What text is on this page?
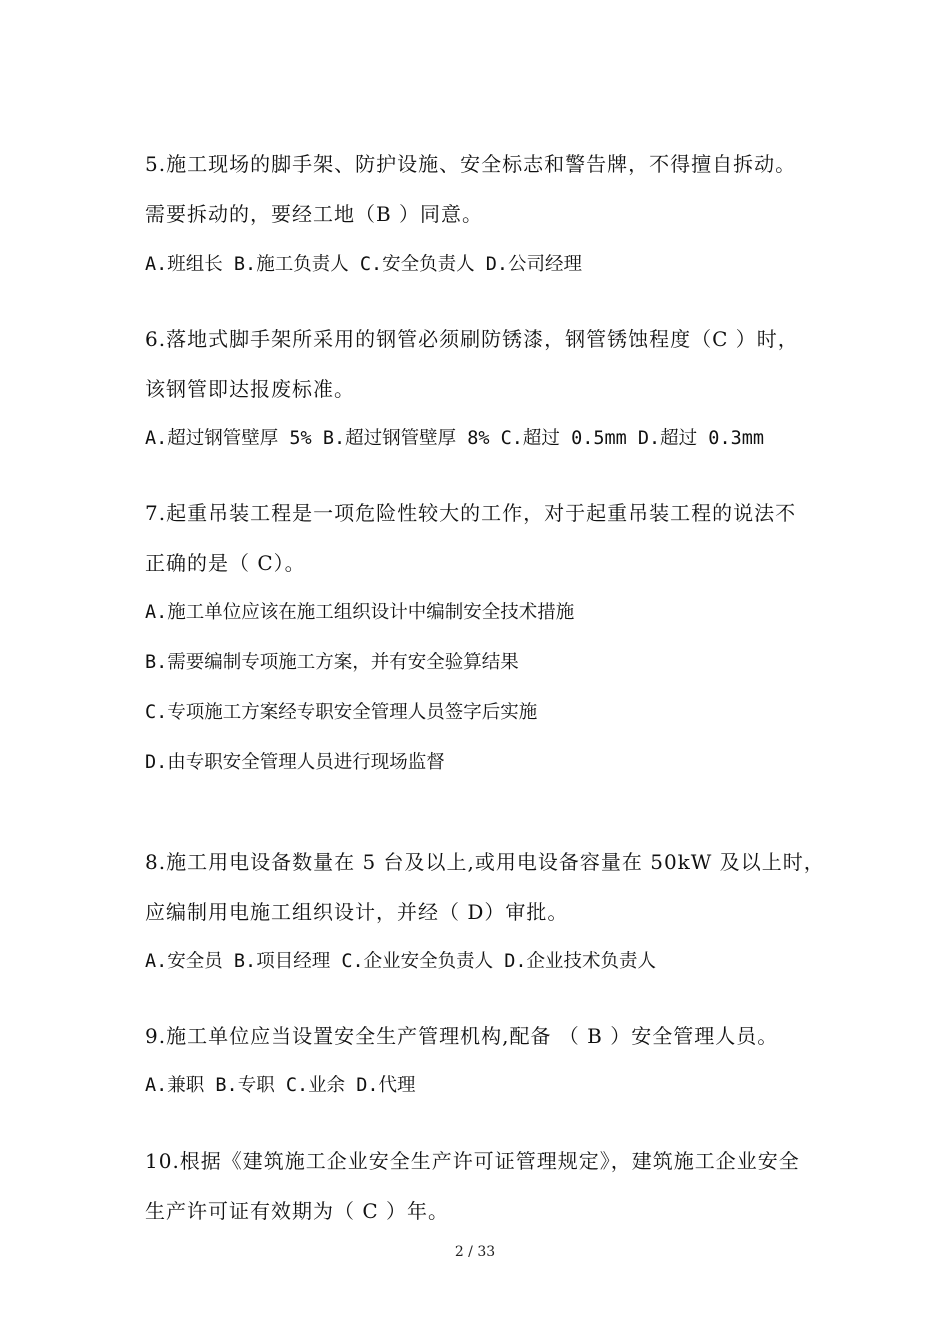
5.施工现场的脚手架、防护设施、安全标志和警告牌，不得擅自拆动。
需要拆动的，要经工地（B ）同意。
A.班组长 B.施工负责人 C.安全负责人 D.公司经理
6.落地式脚手架所采用的钢管必须刷防锈漆，钢管锈蚀程度（C ）时，
该钢管即达报废标准。
A.超过钢管壁厚 5% B.超过钢管壁厚 8% C.超过 0.5mm D.超过 0.3mm
7.起重吊装工程是一项危险性较大的工作，对于起重吊装工程的说法不
正确的是（ C）。
A.施工单位应该在施工组织设计中编制安全技术措施
B.需要编制专项施工方案，并有安全验算结果
C.专项施工方案经专职安全管理人员签字后实施
D.由专职安全管理人员进行现场监督
8.施工用电设备数量在 5 台及以上,或用电设备容量在 50kW 及以上时，
应编制用电施工组织设计，并经（ D）审批。
A.安全员 B.项目经理 C.企业安全负责人 D.企业技术负责人
9.施工单位应当设置安全生产管理机构,配备 （ B ）安全管理人员。
A.兼职 B.专职 C.业余 D.代理
10.根据《建筑施工企业安全生产许可证管理规定》，建筑施工企业安全
生产许可证有效期为（ C ）年。
2 / 33
